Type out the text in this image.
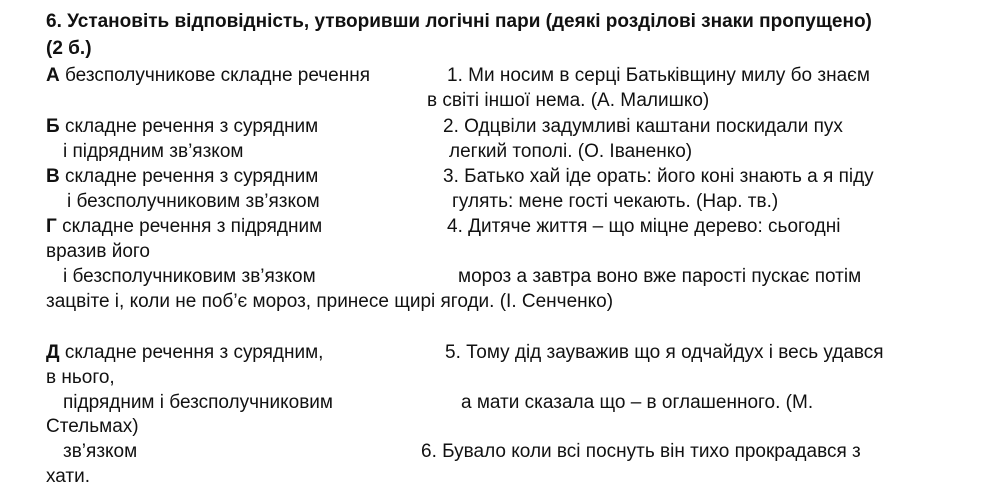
6. Установіть відповідність, утворивши логічні пари (деякі розділові знаки пропущено)
(2 б.)
А безсполучникове складне речення	1. Ми носим в серці Батьківщину милу бо знаєм
в світі іншої нема. (А. Малишко)
Б складне речення з сурядним
і підрядним зв’язком
2. Одцвіли задумливі каштани поскидали пух
легкий тополі. (О. Іваненко)
В складне речення з сурядним
і безсполучниковим зв’язком
3. Батько хай іде орать: його коні знають а я піду
гулять: мене гості чекають. (Нар. тв.)
Г складне речення з підрядним
вразив його
і безсполучниковим зв’язком
4. Дитяче життя – що міцне дерево: сьогодні
мороз а завтра воно вже парості пускає потім
зацвіте і, коли не поб’є мороз, принесе щирі ягоди. (І. Сенченко)
Д складне речення з сурядним,
в нього,
підрядним і безсполучниковим
Стельмах)
зв’язком
хати.
5. Тому дід зауважив що я одчайдух і весь удався
а мати сказала що – в оглашенного. (М.
6. Бувало коли всі поснуть він тихо прокрадався з
